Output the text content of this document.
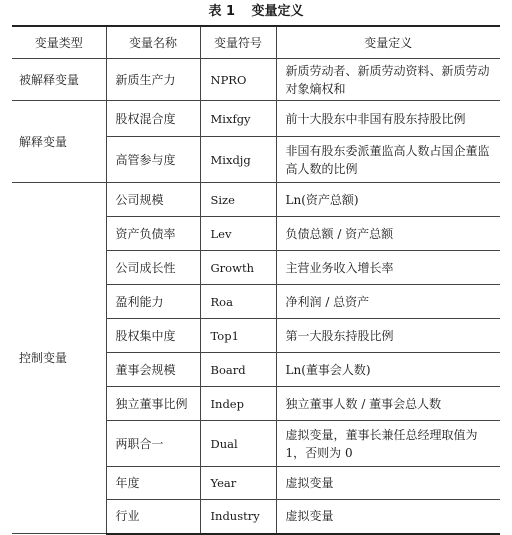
表 1 变量定义
变量类型	变量名称	变量符号	变量定义
被解释变量	新质生产力	NPRO	新质劳动者、新质劳动资料、新质劳动对象熵权和
解释变量	股权混合度	Mixfgy	前十大股东中非国有股东持股比例
	高管参与度	Mixdjg	非国有股东委派董监高人数占国企董监高人数的比例
控制变量	公司规模	Size	Ln(资产总额)
	资产负债率	Lev	负债总额 / 资产总额
	公司成长性	Growth	主营业务收入增长率
	盈利能力	Roa	净利润 / 总资产
	股权集中度	Top1	第一大股东持股比例
	董事会规模	Board	Ln(董事会人数)
	独立董事比例	Indep	独立董事人数 / 董事会总人数
	两职合一	Dual	虚拟变量，董事长兼任总经理取值为1，否则为 0
	年度	Year	虚拟变量
	行业	Industry	虚拟变量
